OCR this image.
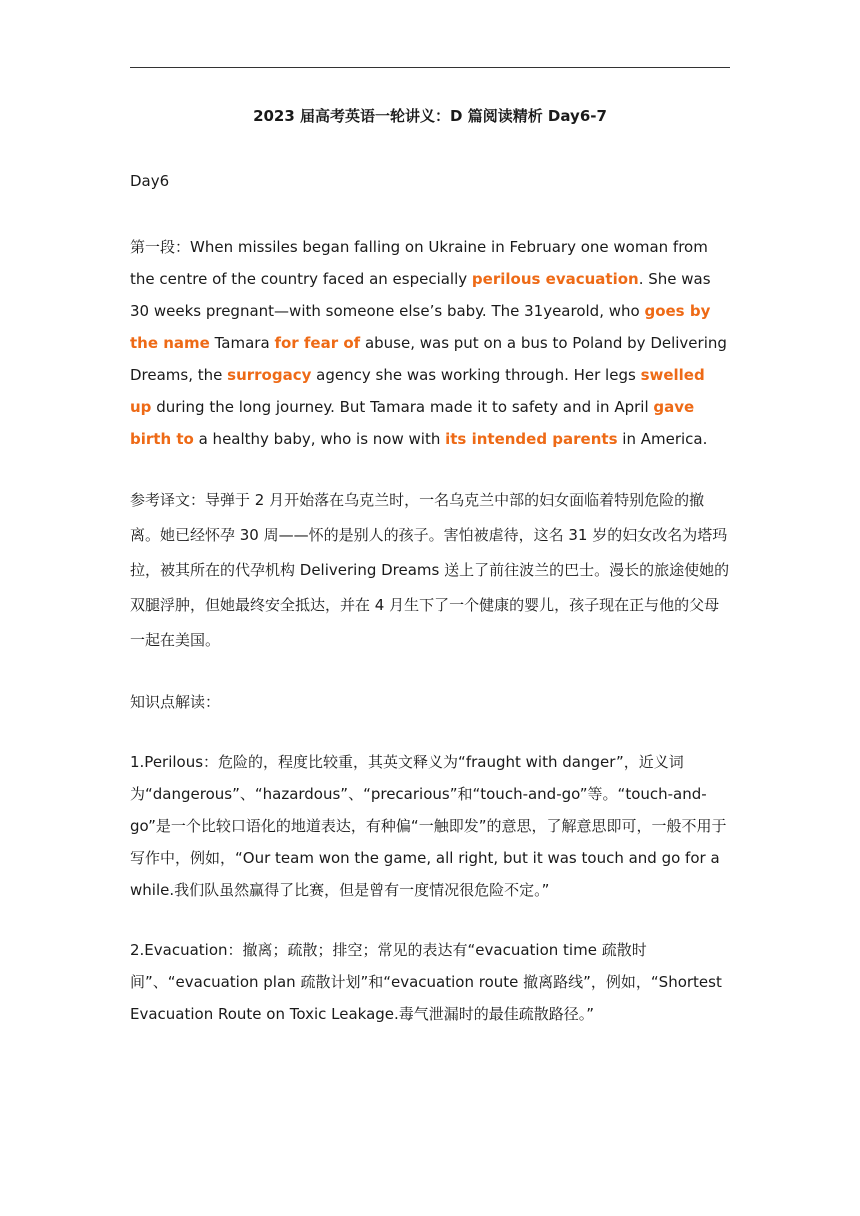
2023 届高考英语一轮讲义：D 篇阅读精析 Day6-7

Day6

第一段：When missiles began falling on Ukraine in February one woman from the centre of the country faced an especially perilous evacuation. She was 30 weeks pregnant—with someone else’s baby. The 31yearold, who goes by the name Tamara for fear of abuse, was put on a bus to Poland by Delivering Dreams, the surrogacy agency she was working through. Her legs swelled up during the long journey. But Tamara made it to safety and in April gave birth to a healthy baby, who is now with its intended parents in America.

参考译文：导弹于 2 月开始落在乌克兰时，一名乌克兰中部的妇女面临着特别危险的撤离。她已经怀孕 30 周——怀的是别人的孩子。害怕被虐待，这名 31 岁的妇女改名为塔玛拉，被其所在的代孕机构 Delivering Dreams 送上了前往波兰的巴士。漫长的旅途使她的双腿浮肿，但她最终安全抵达，并在 4 月生下了一个健康的婴儿，孩子现在正与他的父母一起在美国。

知识点解读：

1.Perilous：危险的，程度比较重，其英文释义为“fraught with danger”，近义词为“dangerous”、“hazardous”、“precarious”和“touch-and-go”等。“touch-and-go”是一个比较口语化的地道表达，有种偏“一触即发”的意思，了解意思即可，一般不用于写作中，例如，“Our team won the game, all right, but it was touch and go for a while.我们队虽然赢得了比赛，但是曾有一度情况很危险不定。”

2.Evacuation：撤离；疏散；排空；常见的表达有“evacuation time 疏散时间”、“evacuation plan 疏散计划”和“evacuation route 撤离路线”，例如，“Shortest Evacuation Route on Toxic Leakage.毒气泄漏时的最佳疏散路径。”
